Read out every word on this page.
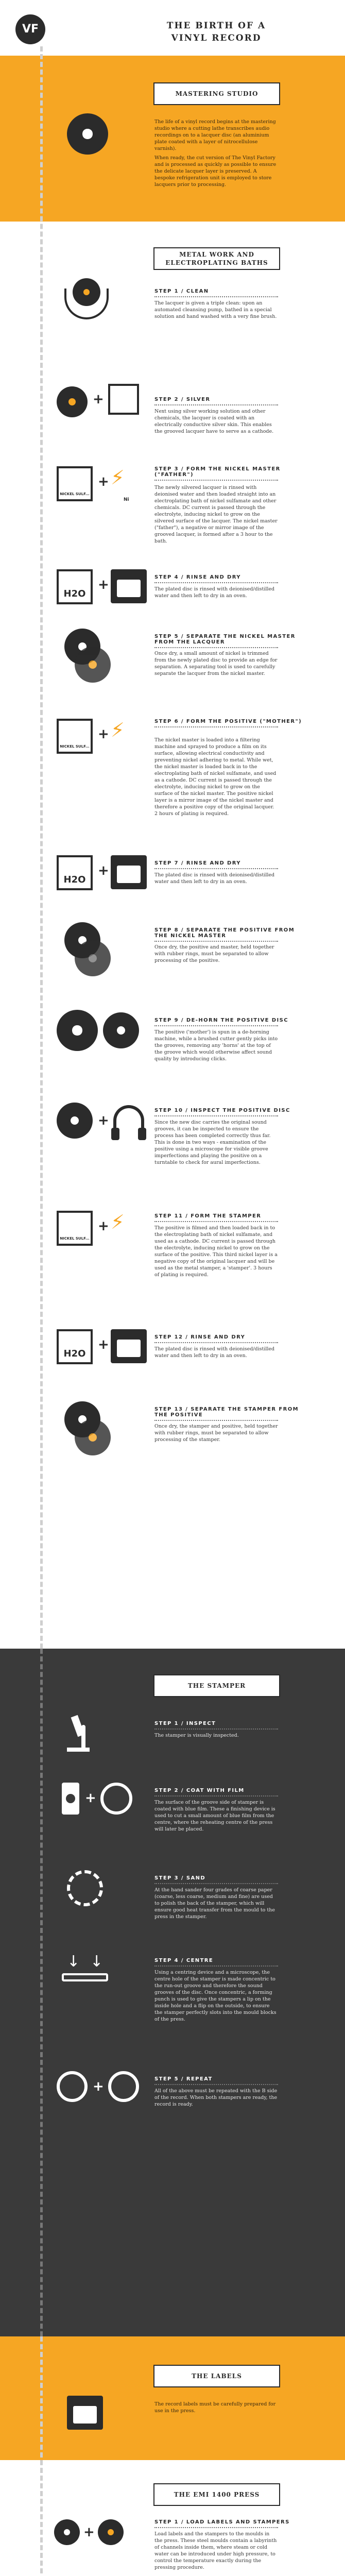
VF	THE BIRTH OF A VINYL RECORD
MASTERING STUDIO
The life of a vinyl record begins at the mastering studio where a cutting lathe transcribes audio recordings on to a lacquer disc (an aluminium plate coated with a layer of nitrocellulose varnish).
When ready, the cut version of The Vinyl Factory and is processed as quickly as possible to ensure the delicate lacquer layer is preserved. A bespoke refrigeration unit is employed to store lacquers prior to processing.
METAL WORK AND ELECTROPLATING BATHS
STEP 1 / CLEAN
The lacquer is given a triple clean: upon an automated cleansing pump, bathed in a special solution and hand washed with a very fine brush.
+	STEP 2 / SILVER
Next using silver working solution and other chemicals, the lacquer is coated with an electrically conductive silver skin. This enables the grooved lacquer have to serve as a cathode.
NICKEL SULF...
+ ⚡
Ni
STEP 3 / FORM THE NICKEL MASTER ("FATHER")
The newly silvered lacquer is rinsed with deionised water and then loaded straight into an electroplating bath of nickel sulfamate and other chemicals. DC current is passed through the electrolyte, inducing nickel to grow on the silvered surface of the lacquer. The nickel master ("father"), a negative or mirror image of the grooved lacquer, is formed after a 3 hour to the bath.
H2O
+	STEP 4 / RINSE AND DRY
The plated disc is rinsed with deionised/distilled water and then left to dry in an oven.
STEP 5 / SEPARATE THE NICKEL MASTER FROM THE LACQUER
Once dry, a small amount of nickel is trimmed from the newly plated disc to provide an edge for separation. A separating tool is used to carefully separate the lacquer from the nickel master.
NICKEL SULF...
+ ⚡	STEP 6 / FORM THE POSITIVE ("MOTHER")
The nickel master is loaded into a filtering machine and sprayed to produce a film on its surface, allowing electrical conductivity and preventing nickel adhering to metal. While wet, the nickel master is loaded back in to the electroplating bath of nickel sulfamate, and used as a cathode. DC current is passed through the electrolyte, inducing nickel to grow on the surface of the nickel master. The positive nickel layer is a mirror image of the nickel master and therefore a positive copy of the original lacquer. 2 hours of plating is required.
H2O
+	STEP 7 / RINSE AND DRY
The plated disc is rinsed with deionised/distilled water and then left to dry in an oven.
STEP 8 / SEPARATE THE POSITIVE FROM THE NICKEL MASTER
Once dry, the positive and master, held together with rubber rings, must be separated to allow processing of the positive.
STEP 9 / DE-HORN THE POSITIVE DISC
The positive ('mother') is spun in a de-horning machine, while a brushed cutter gently picks into the grooves, removing any 'horns' at the top of the groove which would otherwise affect sound quality by introducing clicks.
+
STEP 10 / INSPECT THE POSITIVE DISC
Since the new disc carries the original sound grooves, it can be inspected to ensure the process has been completed correctly thus far. This is done in two ways - examination of the positive using a microscope for visible groove imperfections and playing the positive on a turntable to check for aural imperfections.
NICKEL SULF...
+ ⚡	STEP 11 / FORM THE STAMPER
The positive is filmed and then loaded back in to the electroplating bath of nickel sulfamate, and used as a cathode. DC current is passed through the electrolyte, inducing nickel to grow on the surface of the positive. This third nickel layer is a negative copy of the original lacquer and will be used as the metal stamper, a 'stamper'. 3 hours of plating is required.
H2O
+	STEP 12 / RINSE AND DRY
The plated disc is rinsed with deionised/distilled water and then left to dry in an oven.
STEP 13 / SEPARATE THE STAMPER FROM THE POSITIVE
Once dry, the stamper and positive, held together with rubber rings, must be separated to allow processing of the stamper.
THE STAMPER
STEP 1 / INSPECT
The stamper is visually inspected.
+	STEP 2 / COAT WITH FILM
The surface of the groove side of stamper is coated with blue film. These a finishing device is used to cut a small amount of blue film from the centre, where the reheating centre of the press will later be placed.
STEP 3 / SAND
At the hand sander four grades of coarse paper (coarse, less coarse, medium and fine) are used to polish the back of the stamper, which will ensure good heat transfer from the mould to the press in the stamper.
↓ ↓	STEP 4 / CENTRE
Using a centring device and a microscope, the centre hole of the stamper is made concentric to the run-out groove and therefore the sound grooves of the disc. Once concentric, a forming punch is used to give the stampers a lip on the inside hole and a flip on the outside, to ensure the stamper perfectly slots into the mould blocks of the press.
+	STEP 5 / REPEAT
All of the above must be repeated with the B side of the record. When both stampers are ready, the record is ready.
THE LABELS
The record labels must be carefully prepared for use in the press.
THE EMI 1400 PRESS
+
STEP 1 / LOAD LABELS AND STAMPERS
Load labels and the stampers to the moulds in the press. These steel moulds contain a labyrinth of channels inside them, where steam or cold water can be introduced under high pressure, to control the temperature exactly during the pressing procedure.
